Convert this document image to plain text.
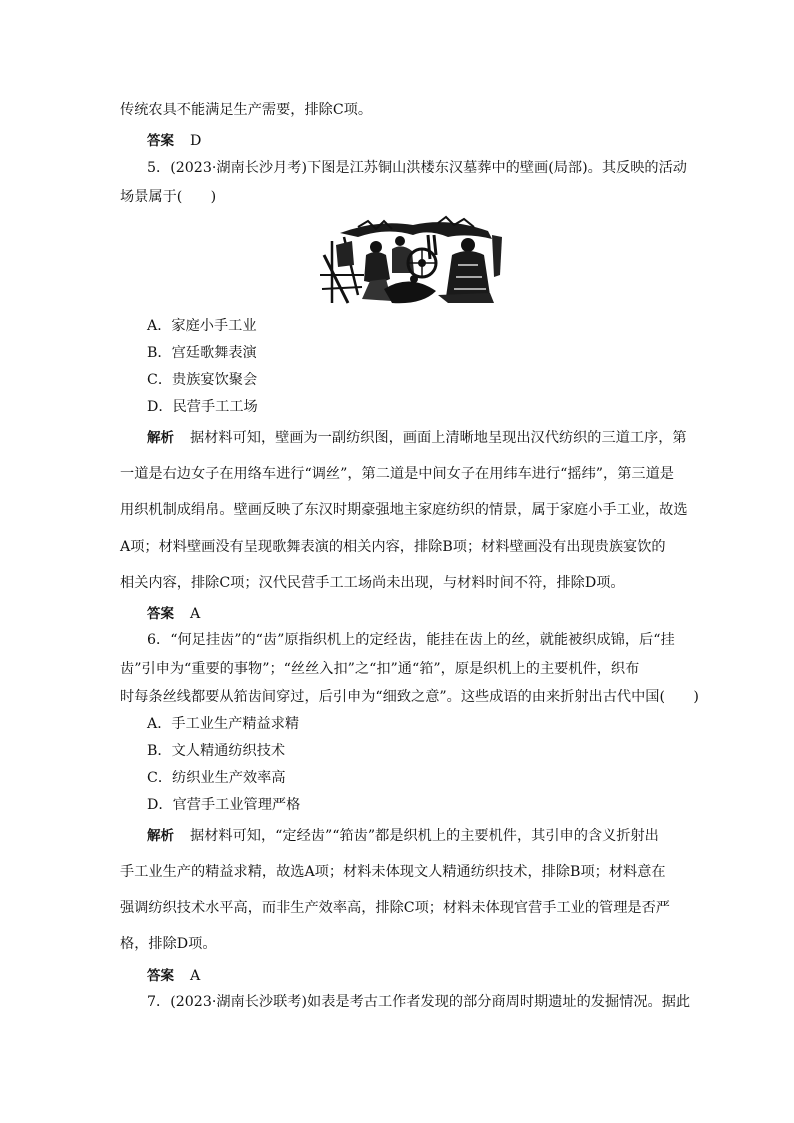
传统农具不能满足生产需要，排除C项。
答案 D
5．(2023·湖南长沙月考)下图是江苏铜山洪楼东汉墓葬中的壁画(局部)。其反映的活动
场景属于(　　)
A．家庭小手工业
B．宫廷歌舞表演
C．贵族宴饮聚会
D．民营手工工场
解析 据材料可知，壁画为一副纺织图，画面上清晰地呈现出汉代纺织的三道工序，第
一道是右边女子在用络车进行“调丝”，第二道是中间女子在用纬车进行“摇纬”，第三道是
用织机制成绢帛。壁画反映了东汉时期豪强地主家庭纺织的情景，属于家庭小手工业，故选
A项；材料壁画没有呈现歌舞表演的相关内容，排除B项；材料壁画没有出现贵族宴饮的
相关内容，排除C项；汉代民营手工工场尚未出现，与材料时间不符，排除D项。
答案 A
6．“何足挂齿”的“齿”原指织机上的定经齿，能挂在齿上的丝，就能被织成锦，后“挂
齿”引申为“重要的事物”；“丝丝入扣”之“扣”通“筘”，原是织机上的主要机件，织布
时每条丝线都要从筘齿间穿过，后引申为“细致之意”。这些成语的由来折射出古代中国(　　)
A．手工业生产精益求精
B．文人精通纺织技术
C．纺织业生产效率高
D．官营手工业管理严格
解析 据材料可知，“定经齿”“筘齿”都是织机上的主要机件，其引申的含义折射出
手工业生产的精益求精，故选A项；材料未体现文人精通纺织技术，排除B项；材料意在
强调纺织技术水平高，而非生产效率高，排除C项；材料未体现官营手工业的管理是否严
格，排除D项。
答案 A
7．(2023·湖南长沙联考)如表是考古工作者发现的部分商周时期遗址的发掘情况。据此
